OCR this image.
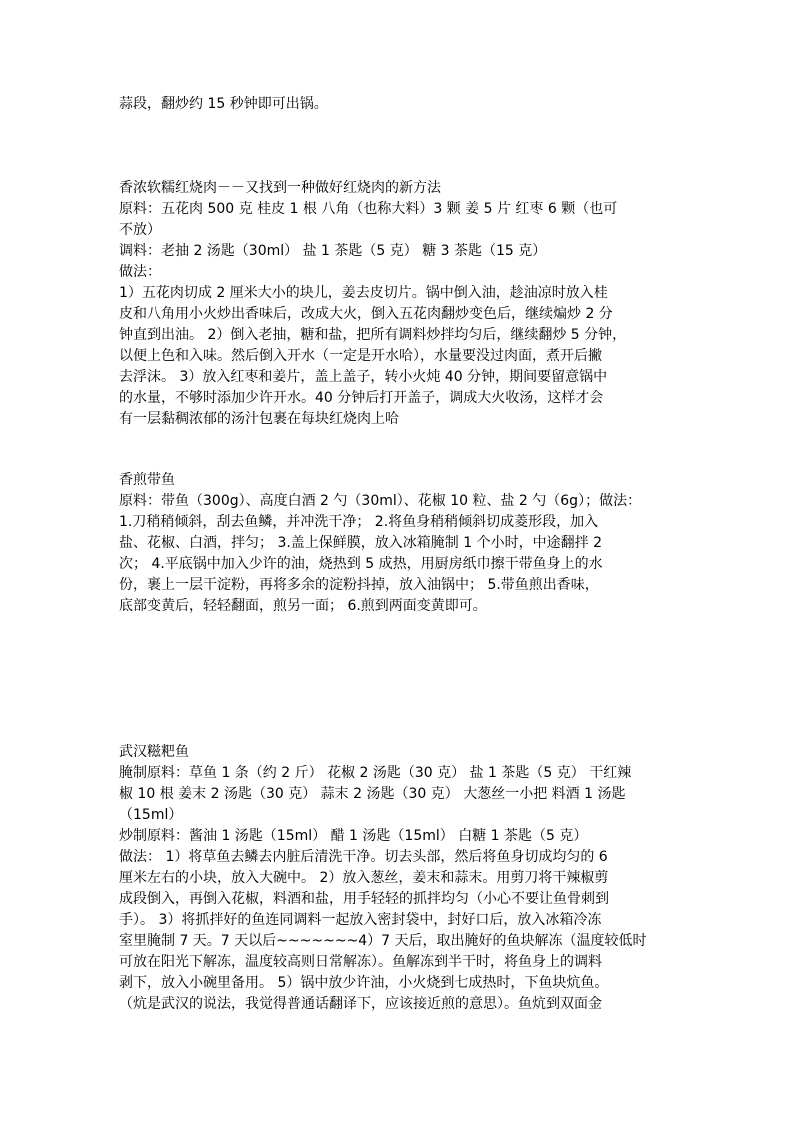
蒜段，翻炒约 15 秒钟即可出锅。
香浓软糯红烧肉－－又找到一种做好红烧肉的新方法
原料：五花肉 500 克 桂皮 1 根 八角（也称大料）3 颗 姜 5 片 红枣 6 颗（也可
不放）
调料：老抽 2 汤匙（30ml） 盐 1 茶匙（5 克） 糖 3 茶匙（15 克）
做法：
1）五花肉切成 2 厘米大小的块儿，姜去皮切片。锅中倒入油，趁油凉时放入桂
皮和八角用小火炒出香味后，改成大火，倒入五花肉翻炒变色后，继续煸炒 2 分
钟直到出油。 2）倒入老抽，糖和盐，把所有调料炒拌均匀后，继续翻炒 5 分钟，
以便上色和入味。然后倒入开水（一定是开水哈），水量要没过肉面，煮开后撇
去浮沫。 3）放入红枣和姜片，盖上盖子，转小火炖 40 分钟，期间要留意锅中
的水量，不够时添加少许开水。40 分钟后打开盖子，调成大火收汤，这样才会
有一层黏稠浓郁的汤汁包裹在每块红烧肉上哈
香煎带鱼
原料：带鱼（300g）、高度白酒 2 勺（30ml）、花椒 10 粒、盐 2 勺（6g）；做法：
1.刀稍稍倾斜，刮去鱼鳞，并冲洗干净； 2.将鱼身稍稍倾斜切成菱形段，加入
盐、花椒、白酒，拌匀； 3.盖上保鲜膜，放入冰箱腌制 1 个小时，中途翻拌 2
次； 4.平底锅中加入少许的油，烧热到 5 成热，用厨房纸巾擦干带鱼身上的水
份，裹上一层干淀粉，再将多余的淀粉抖掉，放入油锅中； 5.带鱼煎出香味，
底部变黄后，轻轻翻面，煎另一面； 6.煎到两面变黄即可。
武汉糍粑鱼
腌制原料：草鱼 1 条（约 2 斤） 花椒 2 汤匙（30 克） 盐 1 茶匙（5 克） 干红辣
椒 10 根 姜末 2 汤匙（30 克） 蒜末 2 汤匙（30 克） 大葱丝一小把 料酒 1 汤匙
（15ml）
炒制原料：酱油 1 汤匙（15ml） 醋 1 汤匙（15ml） 白糖 1 茶匙（5 克）
做法： 1）将草鱼去鳞去内脏后清洗干净。切去头部，然后将鱼身切成均匀的 6
厘米左右的小块，放入大碗中。 2）放入葱丝，姜末和蒜末。用剪刀将干辣椒剪
成段倒入，再倒入花椒，料酒和盐，用手轻轻的抓拌均匀（小心不要让鱼骨刺到
手）。 3）将抓拌好的鱼连同调料一起放入密封袋中，封好口后，放入冰箱冷冻
室里腌制 7 天。7 天以后~~~~~~~4）7 天后，取出腌好的鱼块解冻（温度较低时
可放在阳光下解冻，温度较高则日常解冻）。鱼解冻到半干时，将鱼身上的调料
剥下，放入小碗里备用。 5）锅中放少许油，小火烧到七成热时，下鱼块炕鱼。
（炕是武汉的说法，我觉得普通话翻译下，应该接近煎的意思）。鱼炕到双面金
